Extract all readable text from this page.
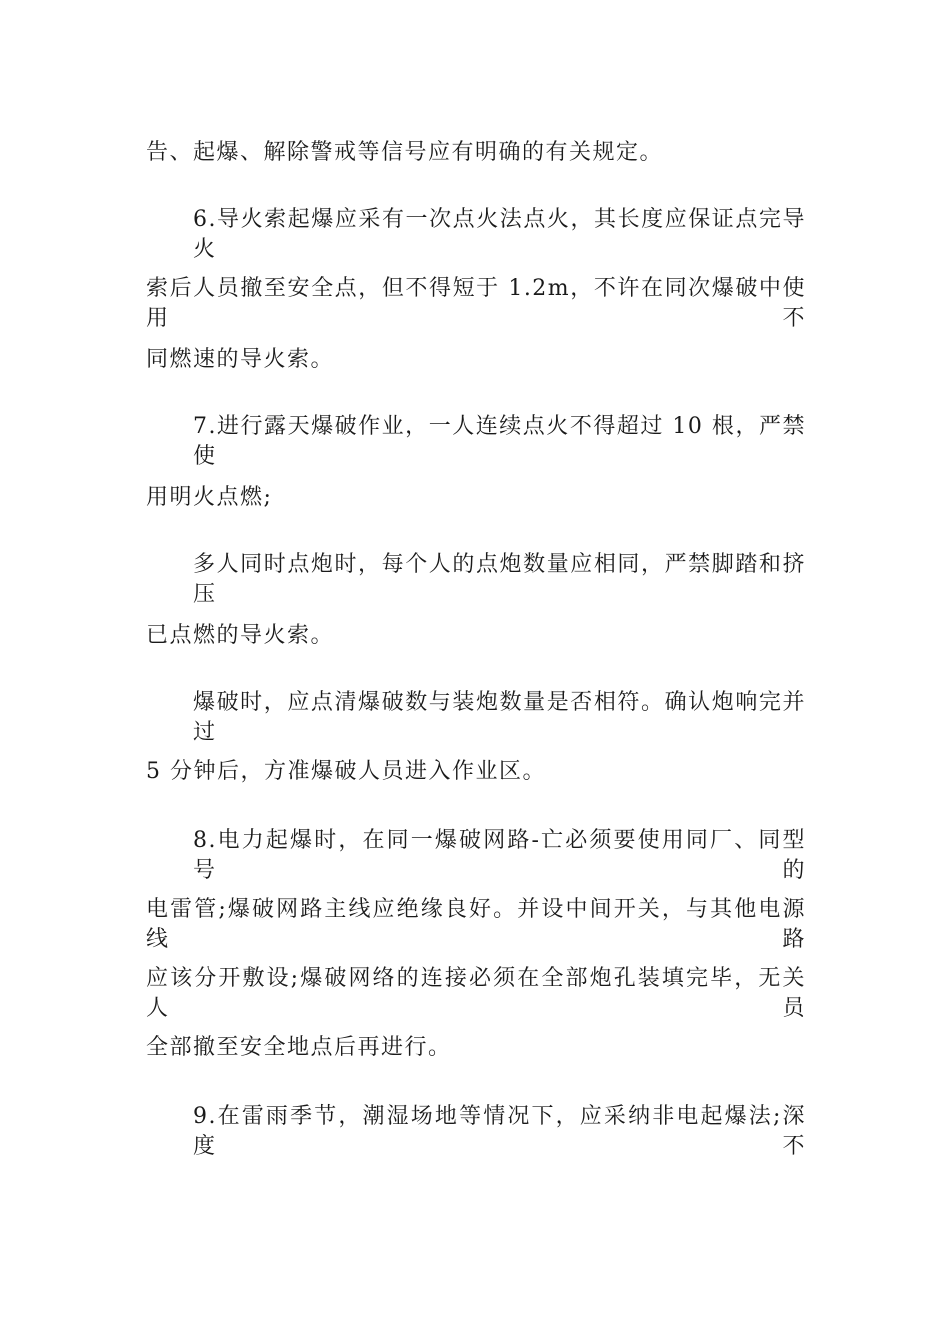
告、起爆、解除警戒等信号应有明确的有关规定。
6.导火索起爆应采有一次点火法点火，其长度应保证点完导火
索后人员撤至安全点，但不得短于 1.2m，不许在同次爆破中使用不
同燃速的导火索。
7.进行露天爆破作业，一人连续点火不得超过 10 根，严禁使
用明火点燃;
多人同时点炮时，每个人的点炮数量应相同，严禁脚踏和挤压
已点燃的导火索。
爆破时，应点清爆破数与装炮数量是否相符。确认炮响完并过
5 分钟后，方准爆破人员进入作业区。
8.电力起爆时，在同一爆破网路-亡必须要使用同厂、同型号的
电雷管;爆破网路主线应绝缘良好。并设中间开关，与其他电源线路
应该分开敷设;爆破网络的连接必须在全部炮孔装填完毕，无关人员
全部撤至安全地点后再进行。
9.在雷雨季节，潮湿场地等情况下，应采纳非电起爆法;深度不
